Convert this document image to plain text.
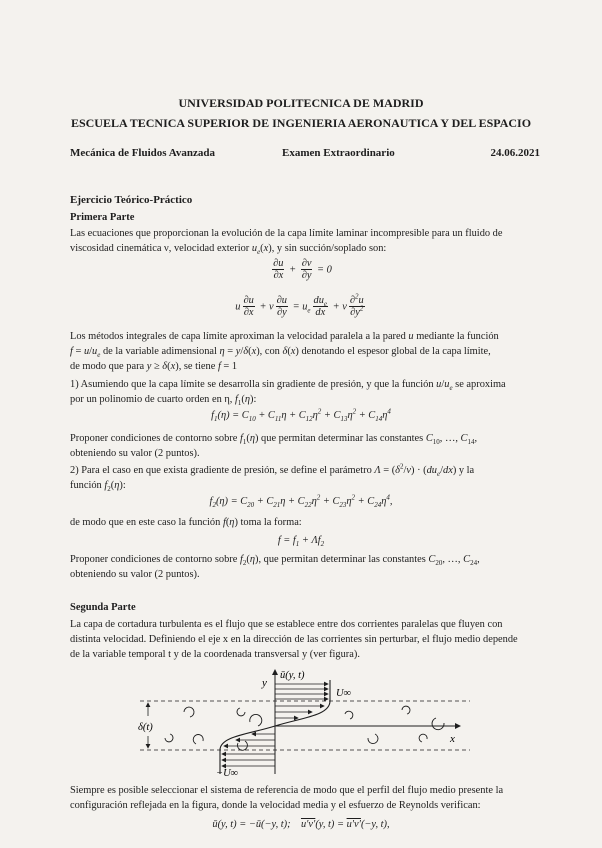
UNIVERSIDAD POLITECNICA DE MADRID
ESCUELA TECNICA SUPERIOR DE INGENIERIA AERONAUTICA Y DEL ESPACIO
Mecánica de Fluidos Avanzada	Examen Extraordinario	24.06.2021
Ejercicio Teórico-Práctico
Primera Parte
Las ecuaciones que proporcionan la evolución de la capa límite laminar incompresible para un fluido de
viscosidad cinemática ν, velocidad exterior $u_e(x)$, y sin succión/soplado son:
$\frac{\partial u}{\partial x} + \frac{\partial v}{\partial y} = 0$
u $\frac{\partial u}{\partial x} + v \frac{\partial u}{\partial y} = u_e \frac{du_e}{dx} + \nu \frac{\partial^2u}{\partial y^2}$
Los métodos integrales de capa límite aproximan la velocidad paralela a la pared u mediante la función
$f = u/u_e$ de la variable adimensional η = y/δ(x), con δ(x) denotando el espesor global de la capa límite,
de modo que para y ≥ δ(x), se tiene f = 1
1) Asumiendo que la capa límite se desarrolla sin gradiente de presión, y que la función $u/u_e$ se aproxima
por un polinomio de cuarto orden en η, $f_1(\eta)$:
$f_1(\eta) = C_{10} + C_{11}\eta + C_{12}\eta^2 + C_{13}\eta^2 + C_{14}\eta^4$
Proponer condiciones de contorno sobre $f_1(\eta)$ que permitan determinar las constantes $C_{10}$, …, $C_{14}$,
obteniendo su valor (2 puntos).
2) Para el caso en que exista gradiente de presión, se define el parámetro $\Lambda = (\delta^2/\nu) \cdot (du_e/dx)$ y la
función $f_2(\eta)$:
$f_2(\eta) = C_{20} + C_{21}\eta + C_{22}\eta^2 + C_{23}\eta^2 + C_{24}\eta^4$,
de modo que en este caso la función f(η) toma la forma:
$f = f_1 + \Lambda f_2$
Proponer condiciones de contorno sobre $f_2(\eta)$, que permitan determinar las constantes $C_{20}$, …, $C_{24}$,
obteniendo su valor (2 puntos).
Segunda Parte
La capa de cortadura turbulenta es el flujo que se establece entre dos corrientes paralelas que fluyen con
distinta velocidad. Definiendo el eje x en la dirección de las corrientes sin perturbar, el flujo medio depende
de la variable temporal t y de la coordenada transversal y (ver figura).
y
x
ū(y, t)
U∞
−U∞
δ(t)
Siempre es posible seleccionar el sistema de referencia de modo que el perfil del flujo medio presente la
configuración reflejada en la figura, donde la velocidad media y el esfuerzo de Reynolds verifican:
ū(y, t) = −ū(−y, t);    u′v′(y, t) = u′v′(−y, t),
